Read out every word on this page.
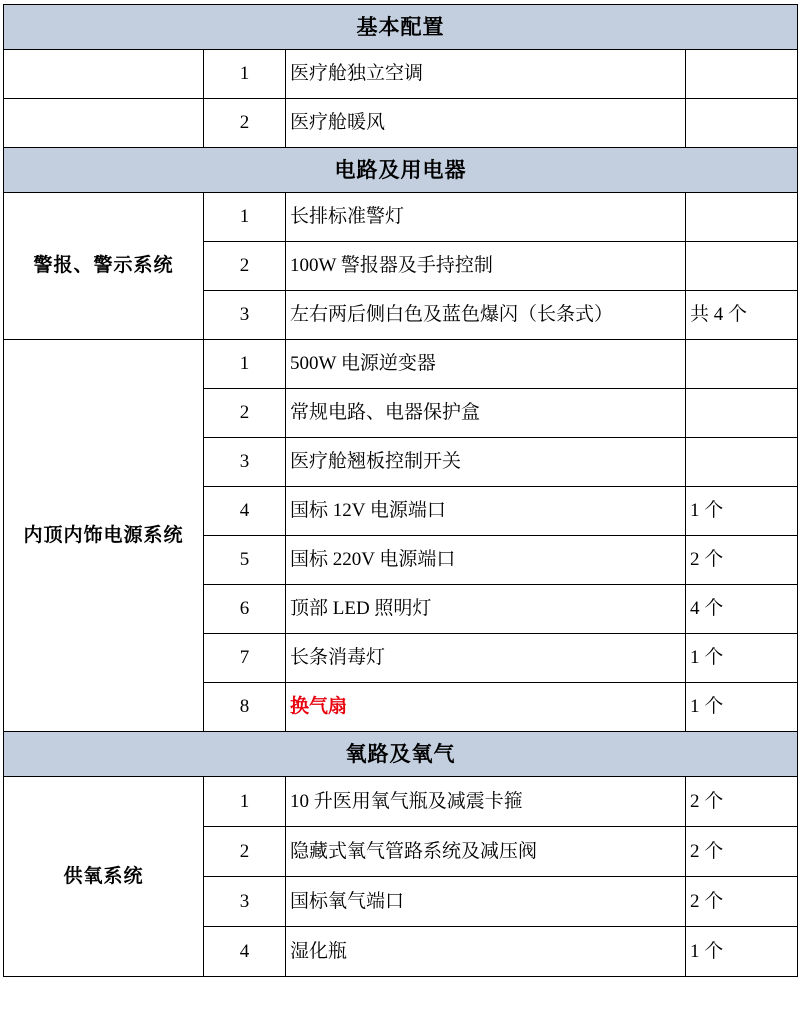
基本配置			
	1	医疗舱独立空调	
	2	医疗舱暖风	
电路及用电器			
警报、警示系统	1	长排标准警灯	
	2	100W 警报器及手持控制	
	3	左右两后侧白色及蓝色爆闪（长条式）	共 4 个
内顶内饰电源系统	1	500W 电源逆变器	
	2	常规电路、电器保护盒	
	3	医疗舱翘板控制开关	
	4	国标 12V 电源端口	1 个
	5	国标 220V 电源端口	2 个
	6	顶部 LED 照明灯	4 个
	7	长条消毒灯	1 个
	8	换气扇	1 个
氧路及氧气			
供氧系统	1	10 升医用氧气瓶及减震卡箍	2 个
	2	隐藏式氧气管路系统及减压阀	2 个
	3	国标氧气端口	2 个
	4	湿化瓶	1 个
